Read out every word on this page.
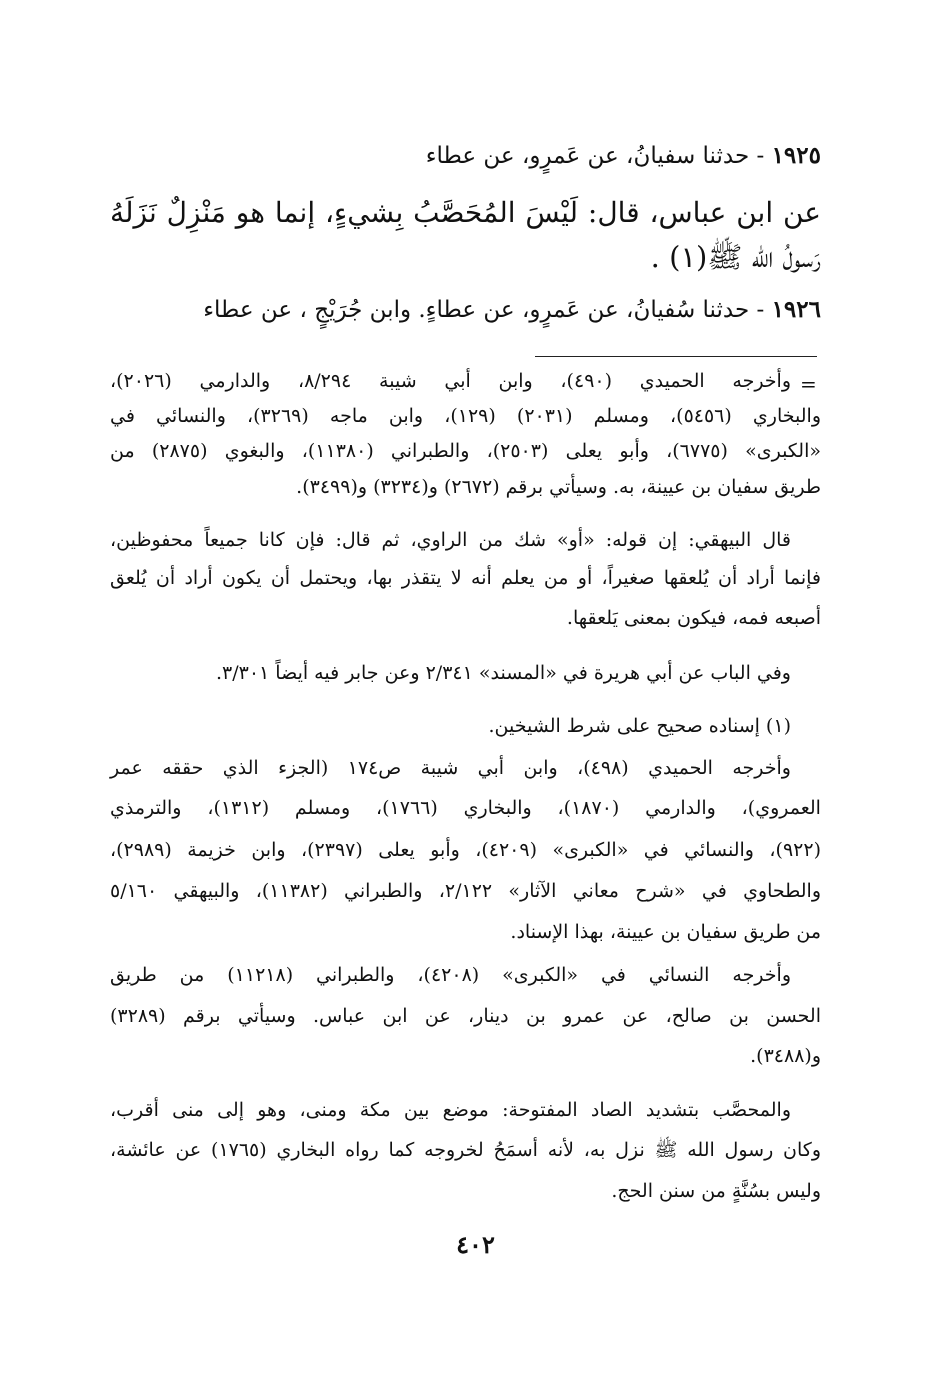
١٩٢٥ - حدثنا سفيانُ، عن عَمرٍو، عن عطاء
عن ابن عباس، قال: لَيْسَ المُحَصَّبُ بِشيءٍ، إنما هو مَنْزِلٌ نَزَلَهُ
رَسولُ الله ﷺ(١) .
١٩٢٦ - حدثنا سُفيانُ، عن عَمرٍو، عن عطاءٍ. وابن جُرَيْجٍ ، عن عطاء
=
وأخرجه الحميدي (٤٩٠)، وابن أبي شيبة ٨/٢٩٤، والدارمي (٢٠٢٦)،
والبخاري (٥٤٥٦)، ومسلم (٢٠٣١) (١٢٩)، وابن ماجه (٣٢٦٩)، والنسائي في
«الكبرى» (٦٧٧٥)، وأبو يعلى (٢٥٠٣)، والطبراني (١١٣٨٠)، والبغوي (٢٨٧٥) من
طريق سفيان بن عيينة، به. وسيأتي برقم (٢٦٧٢) و(٣٢٣٤) و(٣٤٩٩).
قال البيهقي: إن قوله: «أو» شك من الراوي، ثم قال: فإن كانا جميعاً محفوظين،
فإنما أراد أن يُلعقها صغيراً، أو من يعلم أنه لا يتقذر بها، ويحتمل أن يكون أراد أن يُلعق
أصبعه فمه، فيكون بمعنى يَلعقها.
وفي الباب عن أبي هريرة في «المسند» ٢/٣٤١ وعن جابر فيه أيضاً ٣/٣٠١.
(١) إسناده صحيح على شرط الشيخين.
وأخرجه الحميدي (٤٩٨)، وابن أبي شيبة ص١٧٤ (الجزء الذي حققه عمر
العمروي)، والدارمي (١٨٧٠)، والبخاري (١٧٦٦)، ومسلم (١٣١٢)، والترمذي
(٩٢٢)، والنسائي في «الكبرى» (٤٢٠٩)، وأبو يعلى (٢٣٩٧)، وابن خزيمة (٢٩٨٩)،
والطحاوي في «شرح معاني الآثار» ٢/١٢٢، والطبراني (١١٣٨٢)، والبيهقي ٥/١٦٠
من طريق سفيان بن عيينة، بهذا الإسناد.
وأخرجه النسائي في «الكبرى» (٤٢٠٨)، والطبراني (١١٢١٨) من طريق
الحسن بن صالح، عن عمرو بن دينار، عن ابن عباس. وسيأتي برقم (٣٢٨٩)
و(٣٤٨٨).
والمحصَّب بتشديد الصاد المفتوحة: موضع بين مكة ومنى، وهو إلى منى أقرب،
وكان رسول الله ﷺ نزل به، لأنه أسمَحُ لخروجه كما رواه البخاري (١٧٦٥) عن عائشة،
وليس بسُنَّةٍ من سنن الحج.
٤٠٢
